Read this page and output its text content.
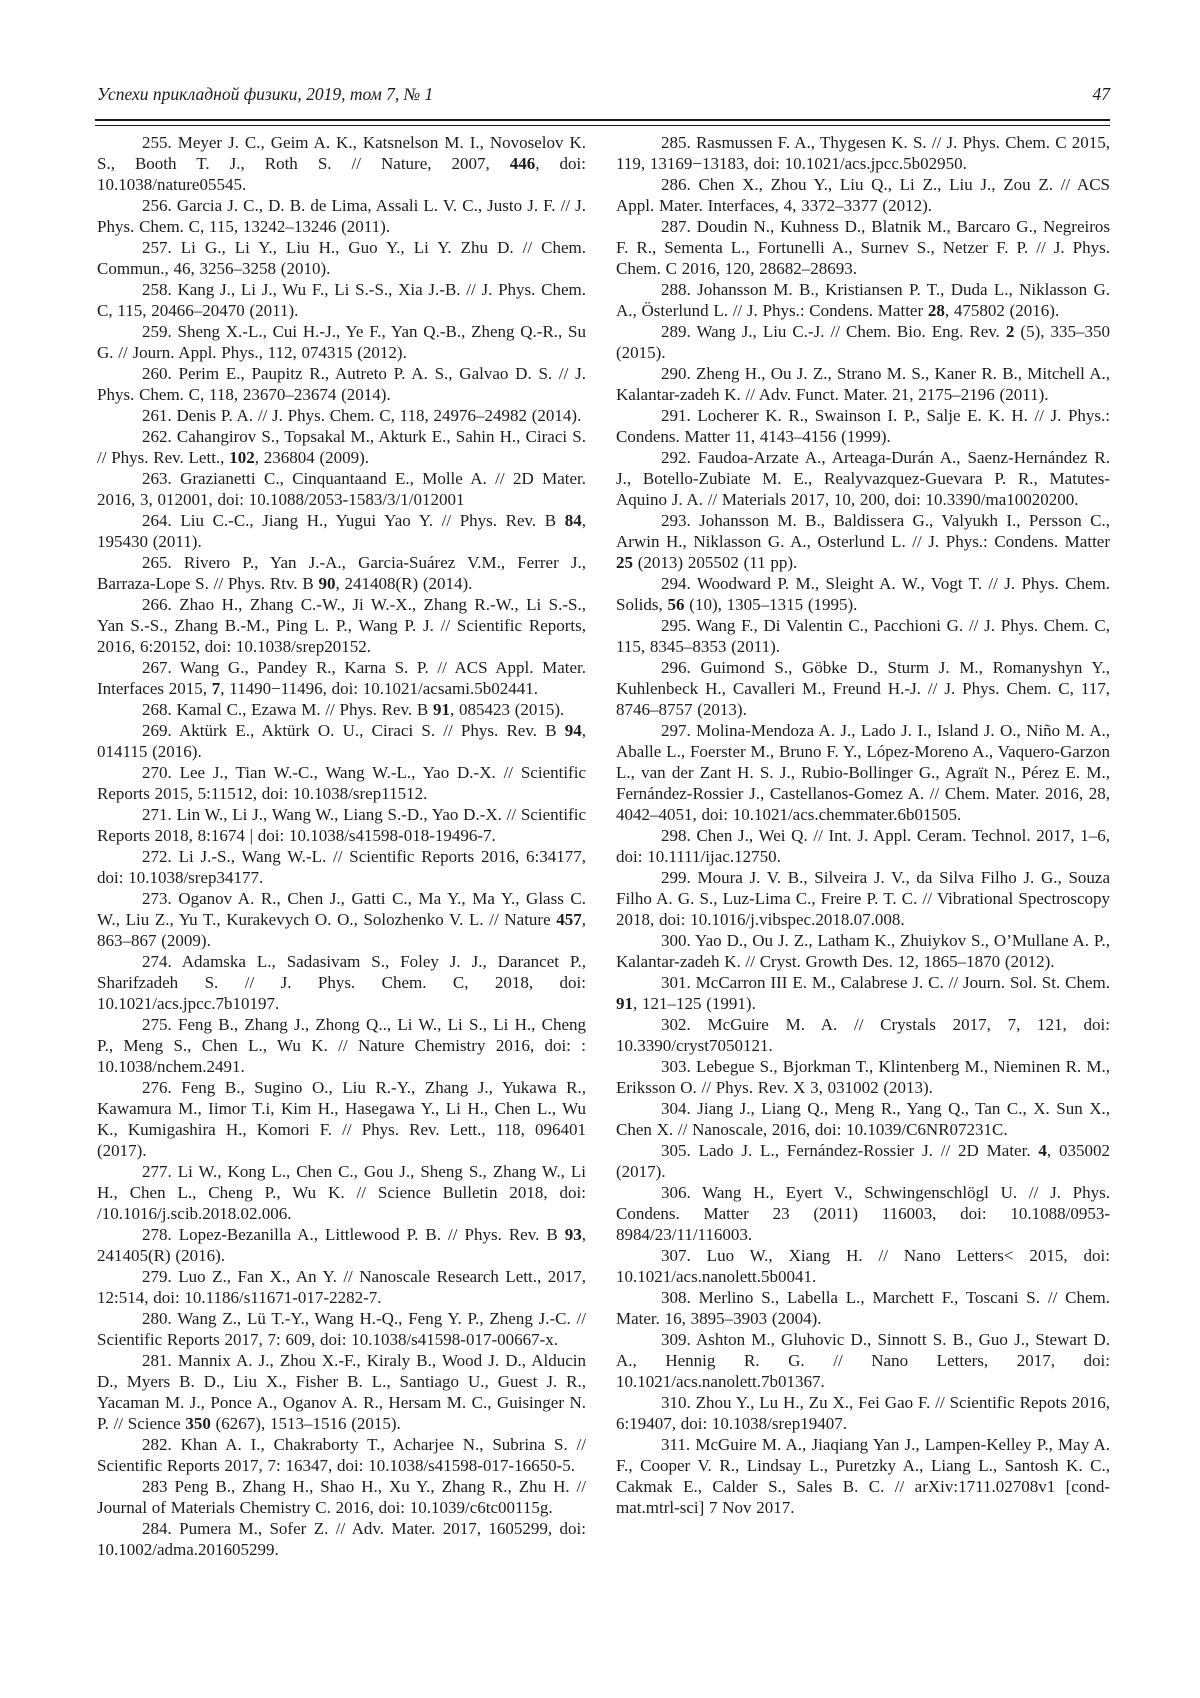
Успехи прикладной физики, 2019, том 7, № 1	47

255. Meyer J. C., Geim A. K., Katsnelson M. I., Novoselov K. S., Booth T. J., Roth S. // Nature, 2007, 446, doi: 10.1038/nature05545.

256. Garcia J. C., D. B. de Lima, Assali L. V. C., Justo J. F. // J. Phys. Chem. C, 115, 13242–13246 (2011).

257. Li G., Li Y., Liu H., Guo Y., Li Y. Zhu D. // Chem. Commun., 46, 3256–3258 (2010).

258. Kang J., Li J., Wu F., Li S.-S., Xia J.-B. // J. Phys. Chem. C, 115, 20466–20470 (2011).

259. Sheng X.-L., Cui H.-J., Ye F., Yan Q.-B., Zheng Q.-R., Su G. // Journ. Appl. Phys., 112, 074315 (2012).

260. Perim E., Paupitz R., Autreto P. A. S., Galvao D. S. // J. Phys. Chem. C, 118, 23670–23674 (2014).

261. Denis P. A. // J. Phys. Chem. C, 118, 24976–24982 (2014).

262. Cahangirov S., Topsakal M., Akturk E., Sahin H., Ciraci S. // Phys. Rev. Lett., 102, 236804 (2009).

263. Grazianetti C., Cinquantaand E., Molle A. // 2D Mater. 2016, 3, 012001, doi: 10.1088/2053-1583/3/1/012001

264. Liu C.-C., Jiang H., Yugui Yao Y. // Phys. Rev. B 84, 195430 (2011).

265. Rivero P., Yan J.-A., Garcia-Suárez V.M., Ferrer J., Barraza-Lope S. // Phys. Rtv. B 90, 241408(R) (2014).

266. Zhao H., Zhang C.-W., Ji W.-X., Zhang R.-W., Li S.-S., Yan S.-S., Zhang B.-M., Ping L. P., Wang P. J. // Scientific Reports, 2016, 6:20152, doi: 10.1038/srep20152.

267. Wang G., Pandey R., Karna S. P. // ACS Appl. Mater. Interfaces 2015, 7, 11490−11496, doi: 10.1021/acsami.5b02441.

268. Kamal C., Ezawa M. // Phys. Rev. B 91, 085423 (2015).

269. Aktürk E., Aktürk O. U., Ciraci S. // Phys. Rev. B 94, 014115 (2016).

270. Lee J., Tian W.-C., Wang W.-L., Yao D.-X. // Scientific Reports 2015, 5:11512, doi: 10.1038/srep11512.

271. Lin W., Li J., Wang W., Liang S.-D., Yao D.-X. // Scientific Reports 2018, 8:1674 | doi: 10.1038/s41598-018-19496-7.

272. Li J.-S., Wang W.-L. // Scientific Reports 2016, 6:34177, doi: 10.1038/srep34177.

273. Oganov A. R., Chen J., Gatti C., Ma Y., Ma Y., Glass C. W., Liu Z., Yu T., Kurakevych O. O., Solozhenko V. L. // Nature 457, 863–867 (2009).

274. Adamska L., Sadasivam S., Foley J. J., Darancet P., Sharifzadeh S. // J. Phys. Chem. C, 2018, doi: 10.1021/acs.jpcc.7b10197.

275. Feng B., Zhang J., Zhong Q.., Li W., Li S., Li H., Cheng P., Meng S., Chen L., Wu K. // Nature Chemistry 2016, doi: : 10.1038/nchem.2491.

276. Feng B., Sugino O., Liu R.-Y., Zhang J., Yukawa R., Kawamura M., Iimor T.i, Kim H., Hasegawa Y., Li H., Chen L., Wu K., Kumigashira H., Komori F. // Phys. Rev. Lett., 118, 096401 (2017).

277. Li W., Kong L., Chen C., Gou J., Sheng S., Zhang W., Li H., Chen L., Cheng P., Wu K. // Science Bulletin 2018, doi: /10.1016/j.scib.2018.02.006.

278. Lopez-Bezanilla A., Littlewood P. B. // Phys. Rev. B 93, 241405(R) (2016).

279. Luo Z., Fan X., An Y. // Nanoscale Research Lett., 2017, 12:514, doi: 10.1186/s11671-017-2282-7.

280. Wang Z., Lü T.-Y., Wang H.-Q., Feng Y. P., Zheng J.-C. // Scientific Reports 2017, 7: 609, doi: 10.1038/s41598-017-00667-x.

281. Mannix A. J., Zhou X.-F., Kiraly B., Wood J. D., Alducin D., Myers B. D., Liu X., Fisher B. L., Santiago U., Guest J. R., Yacaman M. J., Ponce A., Oganov A. R., Hersam M. C., Guisinger N. P. // Science 350 (6267), 1513–1516 (2015).

282. Khan A. I., Chakraborty T., Acharjee N., Subrina S. // Scientific Reports 2017, 7: 16347, doi: 10.1038/s41598-017-16650-5.

283 Peng B., Zhang H., Shao H., Xu Y., Zhang R., Zhu H. // Journal of Materials Chemistry C. 2016, doi: 10.1039/c6tc00115g.

284. Pumera M., Sofer Z. // Adv. Mater. 2017, 1605299, doi: 10.1002/adma.201605299.

285. Rasmussen F. A., Thygesen K. S. // J. Phys. Chem. C 2015, 119, 13169−13183, doi: 10.1021/acs.jpcc.5b02950.

286. Chen X., Zhou Y., Liu Q., Li Z., Liu J., Zou Z. // ACS Appl. Mater. Interfaces, 4, 3372–3377 (2012).

287. Doudin N., Kuhness D., Blatnik M., Barcaro G., Negreiros F. R., Sementa L., Fortunelli A., Surnev S., Netzer F. P. // J. Phys. Chem. C 2016, 120, 28682–28693.

288. Johansson M. B., Kristiansen P. T., Duda L., Niklasson G. A., Österlund L. // J. Phys.: Condens. Matter 28, 475802 (2016).

289. Wang J., Liu C.-J. // Chem. Bio. Eng. Rev. 2 (5), 335–350 (2015).

290. Zheng H., Ou J. Z., Strano M. S., Kaner R. B., Mitchell A., Kalantar-zadeh K. // Adv. Funct. Mater. 21, 2175–2196 (2011).

291. Locherer K. R., Swainson I. P., Salje E. K. H. // J. Phys.: Condens. Matter 11, 4143–4156 (1999).

292. Faudoa-Arzate A., Arteaga-Durán A., Saenz-Hernández R. J., Botello-Zubiate M. E., Realyvazquez-Guevara P. R., Matutes-Aquino J. A. // Materials 2017, 10, 200, doi: 10.3390/ma10020200.

293. Johansson M. B., Baldissera G., Valyukh I., Persson C., Arwin H., Niklasson G. A., Osterlund L. // J. Phys.: Condens. Matter 25 (2013) 205502 (11 pp).

294. Woodward P. M., Sleight A. W., Vogt T. // J. Phys. Chem. Solids, 56 (10), 1305–1315 (1995).

295. Wang F., Di Valentin C., Pacchioni G. // J. Phys. Chem. C, 115, 8345–8353 (2011).

296. Guimond S., Göbke D., Sturm J. M., Romanyshyn Y., Kuhlenbeck H., Cavalleri M., Freund H.-J. // J. Phys. Chem. C, 117, 8746–8757 (2013).

297. Molina-Mendoza A. J., Lado J. I., Island J. O., Niño M. A., Aballe L., Foerster M., Bruno F. Y., López-Moreno A., Vaquero-Garzon L., van der Zant H. S. J., Rubio-Bollinger G., Agraït N., Pérez E. M., Fernández-Rossier J., Castellanos-Gomez A. // Chem. Mater. 2016, 28, 4042–4051, doi: 10.1021/acs.chemmater.6b01505.

298. Chen J., Wei Q. // Int. J. Appl. Ceram. Technol. 2017, 1–6, doi: 10.1111/ijac.12750.

299. Moura J. V. B., Silveira J. V., da Silva Filho J. G., Souza Filho A. G. S., Luz-Lima C., Freire P. T. C. // Vibrational Spectroscopy 2018, doi: 10.1016/j.vibspec.2018.07.008.

300. Yao D., Ou J. Z., Latham K., Zhuiykov S., O’Mullane A. P., Kalantar-zadeh K. // Cryst. Growth Des. 12, 1865–1870 (2012).

301. McCarron III E. M., Calabrese J. C. // Journ. Sol. St. Chem. 91, 121–125 (1991).

302. McGuire M. A. // Crystals 2017, 7, 121, doi: 10.3390/cryst7050121.

303. Lebegue S., Bjorkman T., Klintenberg M., Nieminen R. M., Eriksson O. // Phys. Rev. X 3, 031002 (2013).

304. Jiang J., Liang Q., Meng R., Yang Q., Tan C., X. Sun X., Chen X. // Nanoscale, 2016, doi: 10.1039/C6NR07231C.

305. Lado J. L., Fernández-Rossier J. // 2D Mater. 4, 035002 (2017).

306. Wang H., Eyert V., Schwingenschlögl U. // J. Phys. Condens. Matter 23 (2011) 116003, doi: 10.1088/0953-8984/23/11/116003.

307. Luo W., Xiang H. // Nano Letters< 2015, doi: 10.1021/acs.nanolett.5b0041.

308. Merlino S., Labella L., Marchett F., Toscani S. // Chem. Mater. 16, 3895–3903 (2004).

309. Ashton M., Gluhovic D., Sinnott S. B., Guo J., Stewart D. A., Hennig R. G. // Nano Letters, 2017, doi: 10.1021/acs.nanolett.7b01367.

310. Zhou Y., Lu H., Zu X., Fei Gao F. // Scientific Repots 2016, 6:19407, doi: 10.1038/srep19407.

311. McGuire M. A., Jiaqiang Yan J., Lampen-Kelley P., May A. F., Cooper V. R., Lindsay L., Puretzky A., Liang L., Santosh K. C., Cakmak E., Calder S., Sales B. C. // arXiv:1711.02708v1 [cond-mat.mtrl-sci] 7 Nov 2017.
